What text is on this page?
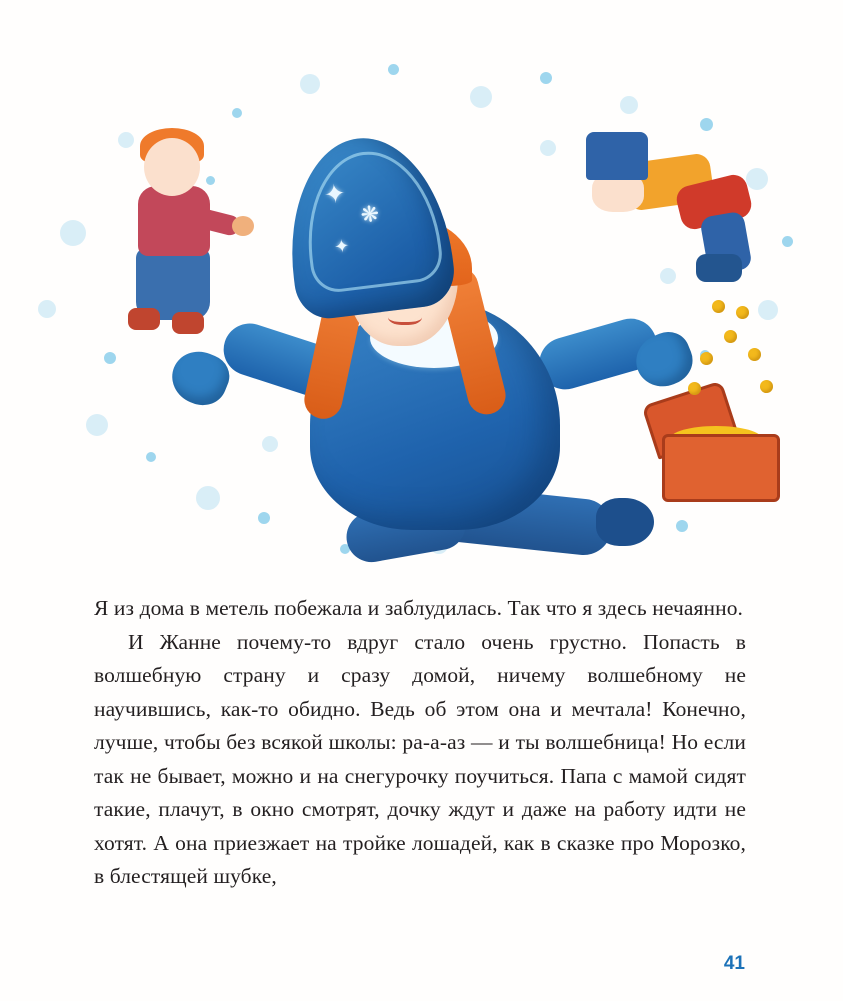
✦
❋
✦

Я из дома в метель побежала и заблудилась. Так что я здесь нечаянно.

И Жанне почему-то вдруг стало очень грустно. Попасть в волшебную страну и сразу домой, ничему волшебному не научившись, как-то обидно. Ведь об этом она и мечтала! Конечно, лучше, чтобы без всякой школы: ра-а-аз — и ты волшебница! Но если так не бывает, можно и на снегурочку поучиться. Папа с мамой сидят такие, плачут, в окно смотрят, дочку ждут и даже на работу идти не хотят. А она приезжает на тройке лошадей, как в сказке про Морозко, в блестящей шубке,

41
